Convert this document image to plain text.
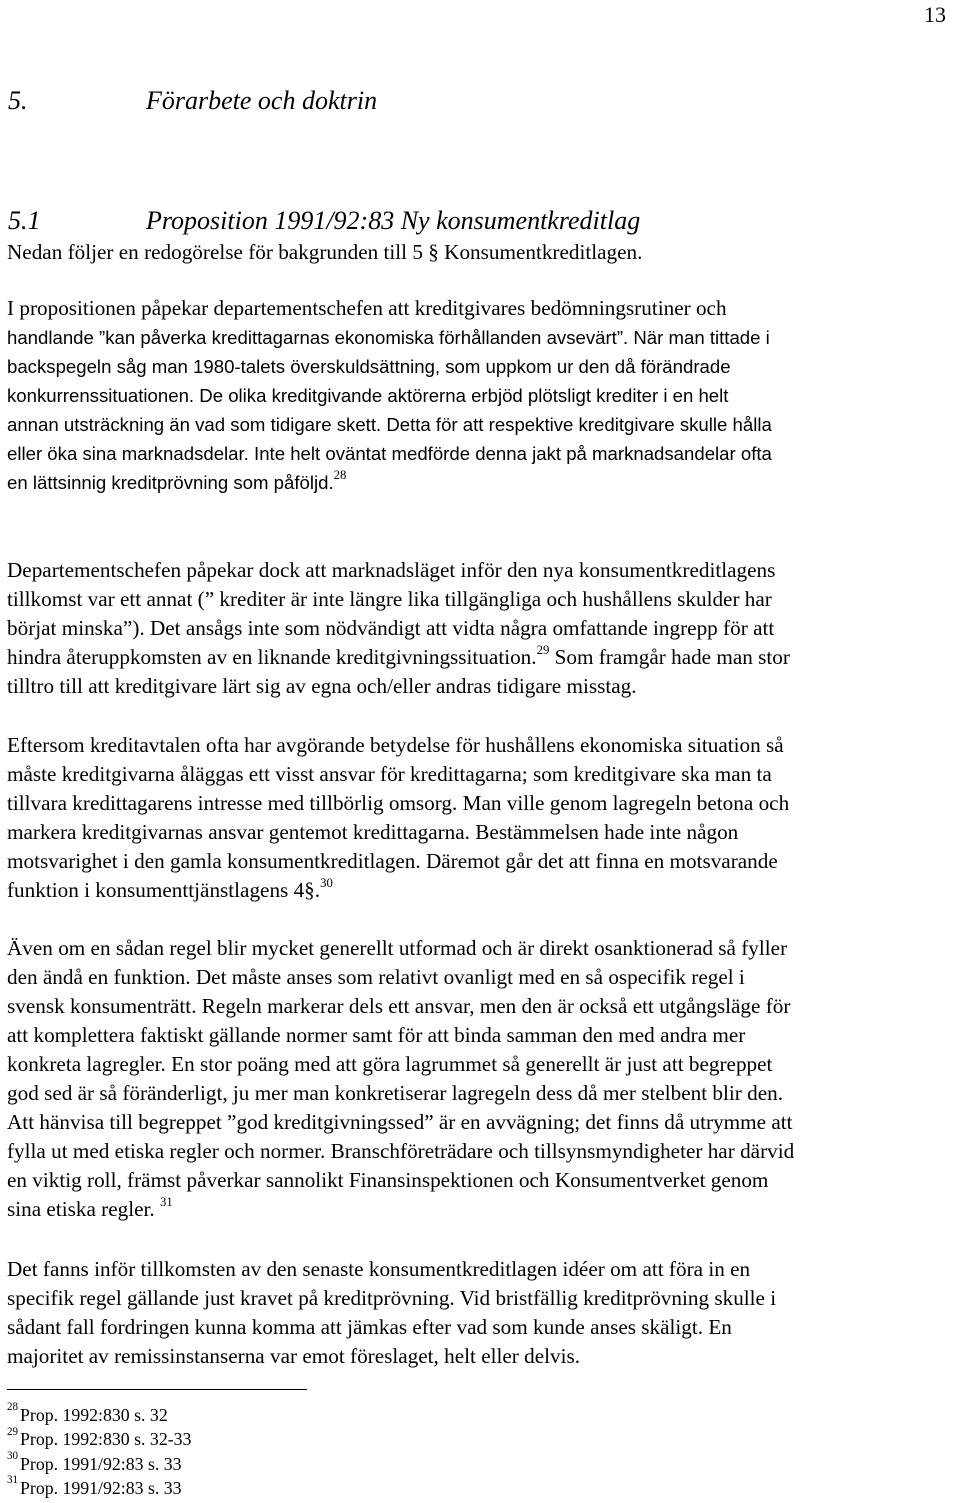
13
5.	Förarbete och doktrin
5.1	Proposition 1991/92:83 Ny konsumentkreditlag
Nedan följer en redogörelse för bakgrunden till 5 § Konsumentkreditlagen.
I propositionen påpekar departementschefen att kreditgivares bedömningsrutiner och
handlande ”kan påverka kredittagarnas ekonomiska förhållanden avsevärt”. När man tittade i
backspegeln såg man 1980-talets överskuldsättning, som uppkom ur den då förändrade
konkurrenssituationen. De olika kreditgivande aktörerna erbjöd plötsligt krediter i en helt
annan utsträckning än vad som tidigare skett. Detta för att respektive kreditgivare skulle hålla
eller öka sina marknadsdelar. Inte helt oväntat medförde denna jakt på marknadsandelar ofta
en lättsinnig kreditprövning som påföljd.$^{28}$
Departementschefen påpekar dock att marknadsläget inför den nya konsumentkreditlagens
tillkomst var ett annat (” krediter är inte längre lika tillgängliga och hushållens skulder har
börjat minska”). Det ansågs inte som nödvändigt att vidta några omfattande ingrepp för att
hindra återuppkomsten av en liknande kreditgivningssituation.$^{29}$ Som framgår hade man stor
tilltro till att kreditgivare lärt sig av egna och/eller andras tidigare misstag.
Eftersom kreditavtalen ofta har avgörande betydelse för hushållens ekonomiska situation så
måste kreditgivarna åläggas ett visst ansvar för kredittagarna; som kreditgivare ska man ta
tillvara kredittagarens intresse med tillbörlig omsorg. Man ville genom lagregeln betona och
markera kreditgivarnas ansvar gentemot kredittagarna. Bestämmelsen hade inte någon
motsvarighet i den gamla konsumentkreditlagen. Däremot går det att finna en motsvarande
funktion i konsumenttjänstlagens 4§.$^{30}$
Även om en sådan regel blir mycket generellt utformad och är direkt osanktionerad så fyller
den ändå en funktion. Det måste anses som relativt ovanligt med en så ospecifik regel i
svensk konsumenträtt. Regeln markerar dels ett ansvar, men den är också ett utgångsläge för
att komplettera faktiskt gällande normer samt för att binda samman den med andra mer
konkreta lagregler. En stor poäng med att göra lagrummet så generellt är just att begreppet
god sed är så föränderligt, ju mer man konkretiserar lagregeln dess då mer stelbent blir den.
Att hänvisa till begreppet ”god kreditgivningssed” är en avvägning; det finns då utrymme att
fylla ut med etiska regler och normer. Branschföreträdare och tillsynsmyndigheter har därvid
en viktig roll, främst påverkar sannolikt Finansinspektionen och Konsumentverket genom
sina etiska regler. $^{31}$
Det fanns inför tillkomsten av den senaste konsumentkreditlagen idéer om att föra in en
specifik regel gällande just kravet på kreditprövning. Vid bristfällig kreditprövning skulle i
sådant fall fordringen kunna komma att jämkas efter vad som kunde anses skäligt. En
majoritet av remissinstanserna var emot föreslaget, helt eller delvis.
$^{28}$ Prop. 1992:830 s. 32
$^{29}$ Prop. 1992:830 s. 32-33
$^{30}$ Prop. 1991/92:83 s. 33
$^{31}$ Prop. 1991/92:83 s. 33
